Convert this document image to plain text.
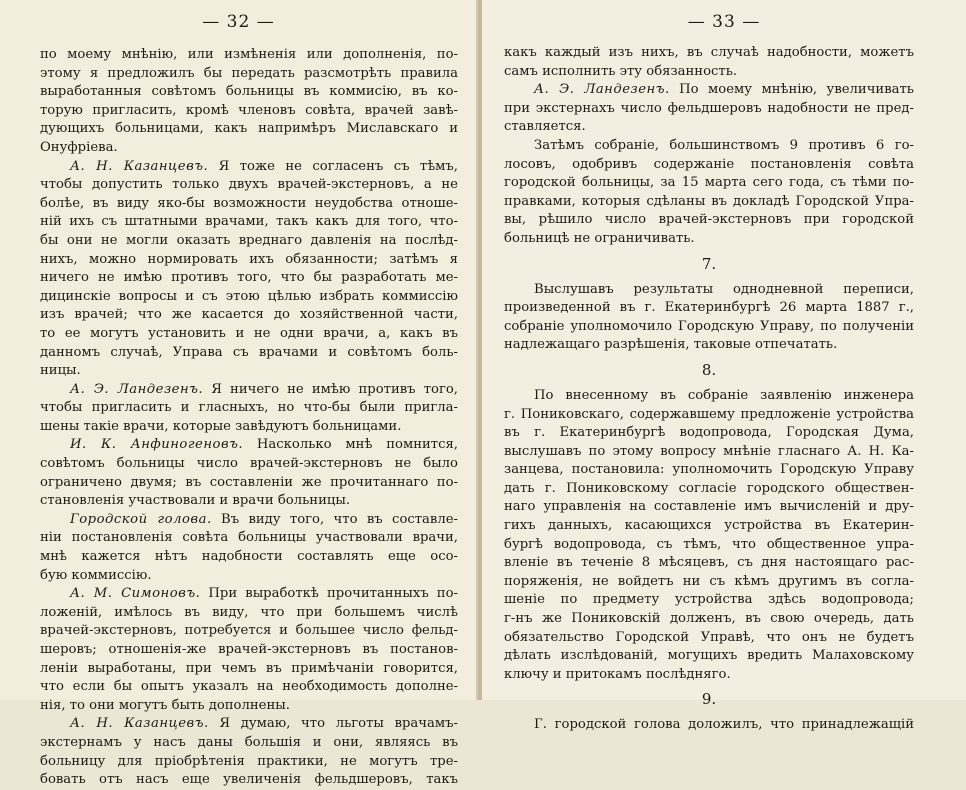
— 32 —
по моему мнѣнію, или измѣненія или дополненія, по-
этому я предложилъ бы передать разсмотрѣть правила
выработанныя совѣтомъ больницы въ коммисію, въ ко-
торую пригласить, кромѣ членовъ совѣта, врачей завѣ-
дующихъ больницами, какъ напримѣръ Миславскаго и
Онуфріева.
А. Н. Казанцевъ. Я тоже не согласенъ съ тѣмъ,
чтобы допустить только двухъ врачей-экстерновъ, а не
болѣе, въ виду яко-бы возможности неудобства отноше-
ній ихъ съ штатными врачами, такъ какъ для того, что-
бы они не могли оказать вреднаго давленія на послѣд-
нихъ, можно нормировать ихъ обязанности; затѣмъ я
ничего не имѣю противъ того, что бы разработать ме-
дицинскіе вопросы и съ этою цѣлью избрать коммиссію
изъ врачей; что же касается до хозяйственной части,
то ее могутъ установить и не одни врачи, а, какъ въ
данномъ случаѣ, Управа съ врачами и совѣтомъ боль-
ницы.
А. Э. Ландезенъ. Я ничего не имѣю противъ того,
чтобы пригласить и гласныхъ, но что-бы были пригла-
шены такіе врачи, которые завѣдуютъ больницами.
И. К. Анфиногеновъ. Насколько мнѣ помнится,
совѣтомъ больницы число врачей-экстерновъ не было
ограничено двумя; въ составленіи же прочитаннаго по-
становленія участвовали и врачи больницы.
Городской голова. Въ виду того, что въ составле-
ніи постановленія совѣта больницы участвовали врачи,
мнѣ кажется нѣтъ надобности составлять еще осо-
бую коммиссію.
А. М. Симоновъ. При выработкѣ прочитанныхъ по-
ложеній, имѣлось въ виду, что при большемъ числѣ
врачей-экстерновъ, потребуется и большее число фельд-
шеровъ; отношенія-же врачей-экстерновъ въ постанов-
леніи выработаны, при чемъ въ примѣчаніи говорится,
что если бы опытъ указалъ на необходимость дополне-
нія, то они могутъ быть дополнены.
А. Н. Казанцевъ. Я думаю, что льготы врачамъ-
экстернамъ у насъ даны большія и они, являясь въ
больницу для пріобрѣтенія практики, не могутъ тре-
бовать отъ насъ еще увеличенія фельдшеровъ, такъ
— 33 —
какъ каждый изъ нихъ, въ случаѣ надобности, можетъ
самъ исполнить эту обязанность.
А. Э. Ландезенъ. По моему мнѣнію, увеличивать
при экстернахъ число фельдшеровъ надобности не пред-
ставляется.
Затѣмъ собраніе, большинствомъ 9 противъ 6 го-
лосовъ, одобривъ содержаніе постановленія совѣта
городской больницы, за 15 марта сего года, съ тѣми по-
правками, которыя сдѣланы въ докладѣ Городской Упра-
вы, рѣшило число врачей-экстерновъ при городской
больницѣ не ограничивать.
7.
Выслушавъ результаты однодневной переписи,
произведенной въ г. Екатеринбургѣ 26 марта 1887 г.,
собраніе уполномочило Городскую Управу, по полученіи
надлежащаго разрѣшенія, таковые отпечатать.
8.
По внесенному въ собраніе заявленію инженера
г. Пониковскаго, содержавшему предложеніе устройства
въ г. Екатеринбургѣ водопровода, Городская Дума,
выслушавъ по этому вопросу мнѣніе гласнаго А. Н. Ка-
занцева, постановила: уполномочить Городскую Управу
дать г. Пониковскому согласіе городского обществен-
наго управленія на составленіе имъ вычисленій и дру-
гихъ данныхъ, касающихся устройства въ Екатерин-
бургѣ водопровода, съ тѣмъ, что общественное упра-
вленіе въ теченіе 8 мѣсяцевъ, съ дня настоящаго рас-
поряженія, не войдетъ ни съ кѣмъ другимъ въ согла-
шеніе по предмету устройства здѣсь водопровода;
г-нъ же Пониковскій долженъ, въ свою очередь, дать
обязательство Городской Управѣ, что онъ не будетъ
дѣлать изслѣдованій, могущихъ вредить Малаховскому
ключу и притокамъ послѣдняго.
9.
Г. городской голова доложилъ, что принадлежащій
